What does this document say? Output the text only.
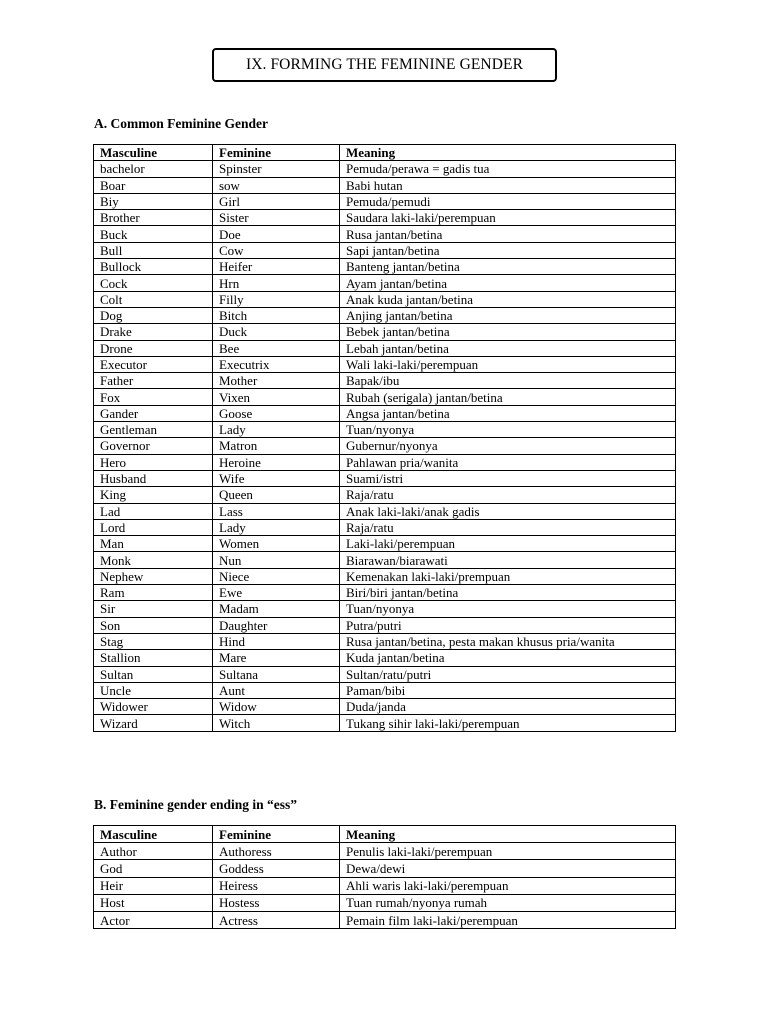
IX. FORMING THE FEMININE GENDER
A. Common Feminine Gender
Masculine	Feminine	Meaning
bachelor	Spinster	Pemuda/perawa = gadis tua
Boar	sow	Babi hutan
Biy	Girl	Pemuda/pemudi
Brother	Sister	Saudara laki-laki/perempuan
Buck	Doe	Rusa jantan/betina
Bull	Cow	Sapi jantan/betina
Bullock	Heifer	Banteng jantan/betina
Cock	Hrn	Ayam jantan/betina
Colt	Filly	Anak kuda jantan/betina
Dog	Bitch	Anjing jantan/betina
Drake	Duck	Bebek jantan/betina
Drone	Bee	Lebah jantan/betina
Executor	Executrix	Wali laki-laki/perempuan
Father	Mother	Bapak/ibu
Fox	Vixen	Rubah (serigala) jantan/betina
Gander	Goose	Angsa jantan/betina
Gentleman	Lady	Tuan/nyonya
Governor	Matron	Gubernur/nyonya
Hero	Heroine	Pahlawan pria/wanita
Husband	Wife	Suami/istri
King	Queen	Raja/ratu
Lad	Lass	Anak laki-laki/anak gadis
Lord	Lady	Raja/ratu
Man	Women	Laki-laki/perempuan
Monk	Nun	Biarawan/biarawati
Nephew	Niece	Kemenakan laki-laki/prempuan
Ram	Ewe	Biri/biri jantan/betina
Sir	Madam	Tuan/nyonya
Son	Daughter	Putra/putri
Stag	Hind	Rusa jantan/betina, pesta makan khusus pria/wanita
Stallion	Mare	Kuda jantan/betina
Sultan	Sultana	Sultan/ratu/putri
Uncle	Aunt	Paman/bibi
Widower	Widow	Duda/janda
Wizard	Witch	Tukang sihir laki-laki/perempuan
B. Feminine gender ending in “ess”
Masculine	Feminine	Meaning
Author	Authoress	Penulis laki-laki/perempuan
God	Goddess	Dewa/dewi
Heir	Heiress	Ahli waris laki-laki/perempuan
Host	Hostess	Tuan rumah/nyonya rumah
Actor	Actress	Pemain film laki-laki/perempuan
